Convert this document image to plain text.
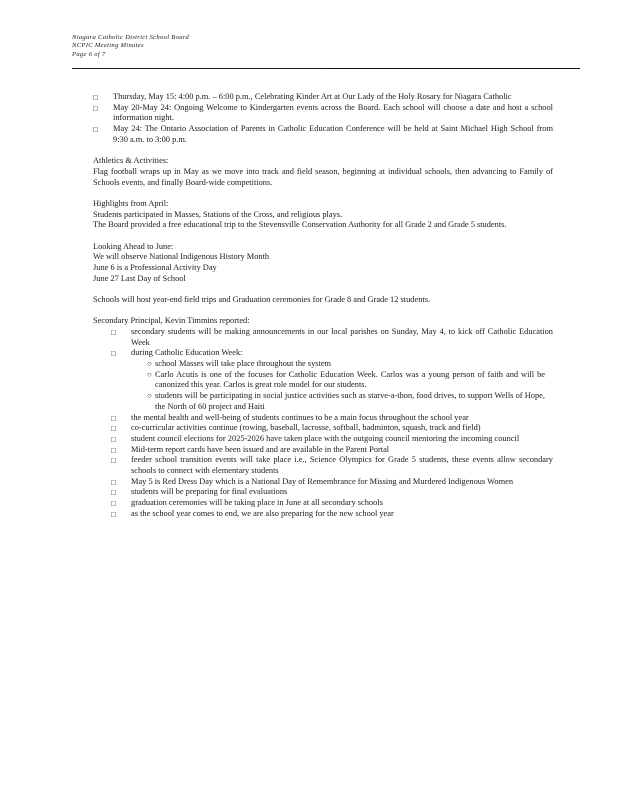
Niagara Catholic District School Board
NCPIC Meeting Minutes
Page 6 of 7
□ Thursday, May 15: 4:00 p.m. – 6:00 p.m., Celebrating Kinder Art at Our Lady of the Holy Rosary for Niagara Catholic
□ May 20-May 24: Ongoing Welcome to Kindergarten events across the Board. Each school will choose a date and host a school information night.
□ May 24: The Ontario Association of Parents in Catholic Education Conference will be held at Saint Michael High School from 9:30 a.m. to 3:00 p.m.
Athletics & Activities:
Flag football wraps up in May as we move into track and field season, beginning at individual schools, then advancing to Family of Schools events, and finally Board-wide competitions.
Highlights from April:
Students participated in Masses, Stations of the Cross, and religious plays.
The Board provided a free educational trip to the Stevensville Conservation Authority for all Grade 2 and Grade 5 students.
Looking Ahead to June:
We will observe National Indigenous History Month
June 6 is a Professional Activity Day
June 27 Last Day of School
Schools will host year-end field trips and Graduation ceremonies for Grade 8 and Grade 12 students.
Secondary Principal, Kevin Timmins reported:
□ secondary students will be making announcements in our local parishes on Sunday, May 4, to kick off Catholic Education Week
□ during Catholic Education Week:
○ school Masses will take place throughout the system
○ Carlo Acutis is one of the focuses for Catholic Education Week. Carlos was a young person of faith and will be canonized this year. Carlos is great role model for our students.
○ students will be participating in social justice activities such as starve-a-thon, food drives, to support Wells of Hope, the North of 60 project and Haiti
□ the mental health and well-being of students continues to be a main focus throughout the school year
□ co-curricular activities continue (rowing, baseball, lacrosse, softball, badminton, squash, track and field)
□ student council elections for 2025-2026 have taken place with the outgoing council mentoring the incoming council
□ Mid-term report cards have been issued and are available in the Parent Portal
□ feeder school transition events will take place i.e., Science Olympics for Grade 5 students, these events allow secondary schools to connect with elementary students
□ May 5 is Red Dress Day which is a National Day of Remembrance for Missing and Murdered Indigenous Women
□ students will be preparing for final evaluations
□ graduation ceremonies will be taking place in June at all secondary schools
□ as the school year comes to end, we are also preparing for the new school year
